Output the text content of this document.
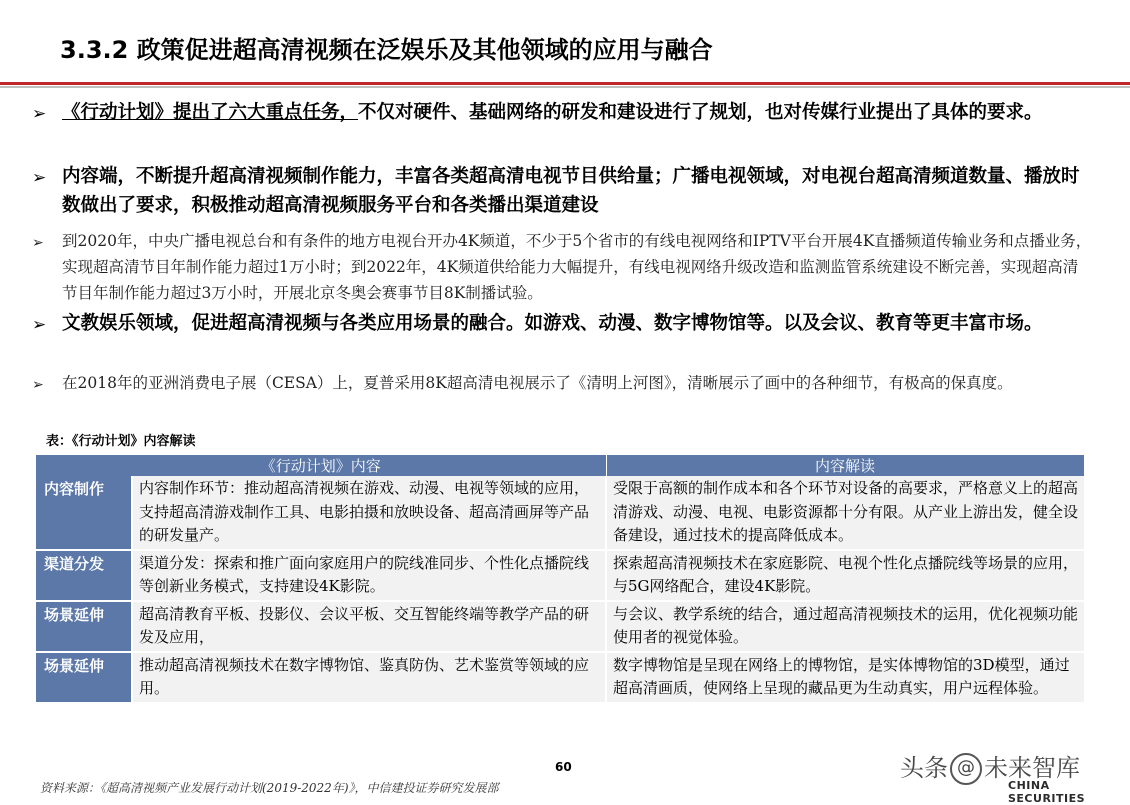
3.3.2 政策促进超高清视频在泛娱乐及其他领域的应用与融合
➢ 《行动计划》提出了六大重点任务，不仅对硬件、基础网络的研发和建设进行了规划，也对传媒行业提出了具体的要求。
➢ 内容端，不断提升超高清视频制作能力，丰富各类超高清电视节目供给量；广播电视领域，对电视台超高清频道数量、播放时数做出了要求，积极推动超高清视频服务平台和各类播出渠道建设
➢ 到2020年，中央广播电视总台和有条件的地方电视台开办4K频道，不少于5个省市的有线电视网络和IPTV平台开展4K直播频道传输业务和点播业务，实现超高清节目年制作能力超过1万小时；到2022年，4K频道供给能力大幅提升，有线电视网络升级改造和监测监管系统建设不断完善，实现超高清节目年制作能力超过3万小时，开展北京冬奥会赛事节目8K制播试验。
➢ 文教娱乐领域，促进超高清视频与各类应用场景的融合。如游戏、动漫、数字博物馆等。以及会议、教育等更丰富市场。
➢ 在2018年的亚洲消费电子展（CESA）上，夏普采用8K超高清电视展示了《清明上河图》，清晰展示了画中的各种细节，有极高的保真度。
表：《行动计划》内容解读
《行动计划》内容		内容解读
内容制作	内容制作环节：推动超高清视频在游戏、动漫、电视等领域的应用，支持超高清游戏制作工具、电影拍摄和放映设备、超高清画屏等产品的研发量产。	受限于高额的制作成本和各个环节对设备的高要求，严格意义上的超高清游戏、动漫、电视、电影资源都十分有限。从产业上游出发，健全设备建设，通过技术的提高降低成本。
渠道分发	渠道分发：探索和推广面向家庭用户的院线准同步、个性化点播院线等创新业务模式，支持建设4K影院。	探索超高清视频技术在家庭影院、电视个性化点播院线等场景的应用，与5G网络配合，建设4K影院。
场景延伸	超高清教育平板、投影仪、会议平板、交互智能终端等教学产品的研发及应用，	与会议、教学系统的结合，通过超高清视频技术的运用，优化视频功能使用者的视觉体验。
场景延伸	推动超高清视频技术在数字博物馆、鉴真防伪、艺术鉴赏等领域的应用。	数字博物馆是呈现在网络上的博物馆，是实体博物馆的3D模型，通过超高清画质，使网络上呈现的藏品更为生动真实，用户远程体验。
60
资料来源：《超高清视频产业发展行动计划(2019-2022年)》，中信建投证券研究发展部
头条 @ 未来智库
CHINA SECURITIES
